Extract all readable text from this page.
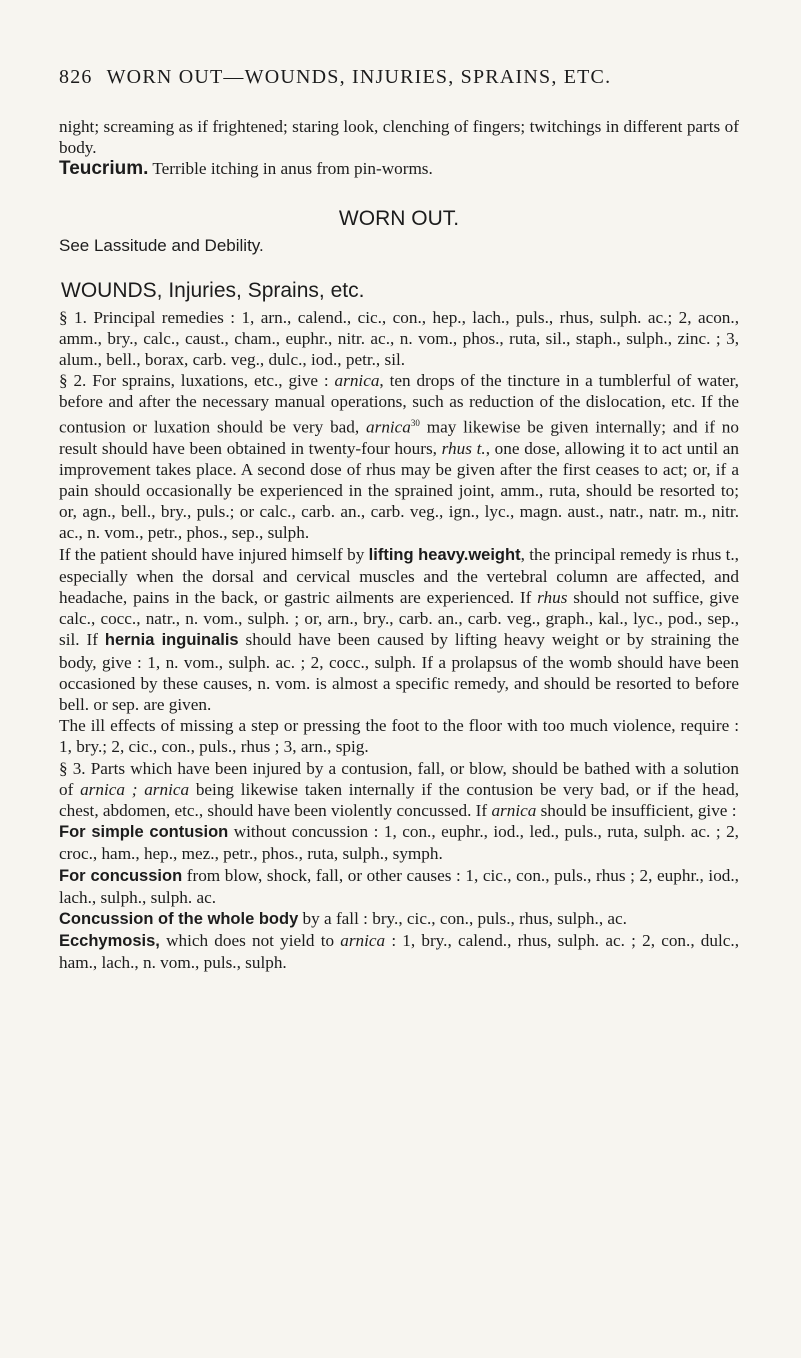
826 WORN OUT—WOUNDS, INJURIES, SPRAINS, ETC.

night; screaming as if frightened; staring look, clenching of fingers; twitchings in different parts of body.

Teucrium. Terrible itching in anus from pin-worms.

WORN OUT.
See Lassitude and Debility.
WOUNDS, Injuries, Sprains, etc.

§ 1. Principal remedies : 1, arn., calend., cic., con., hep., lach., puls., rhus, sulph. ac.; 2, acon., amm., bry., calc., caust., cham., euphr., nitr. ac., n. vom., phos., ruta, sil., staph., sulph., zinc. ; 3, alum., bell., borax, carb. veg., dulc., iod., petr., sil.

§ 2. For sprains, luxations, etc., give : arnica, ten drops of the tincture in a tumblerful of water, before and after the necessary manual operations, such as reduction of the dislocation, etc. If the contusion or luxation should be very bad, arnica$^{30}$ may likewise be given internally; and if no result should have been obtained in twenty-four hours, rhus t., one dose, allowing it to act until an improvement takes place. A second dose of rhus may be given after the first ceases to act; or, if a pain should occasionally be experienced in the sprained joint, amm., ruta, should be resorted to; or, agn., bell., bry., puls.; or calc., carb. an., carb. veg., ign., lyc., magn. aust., natr., natr. m., nitr. ac., n. vom., petr., phos., sep., sulph.

If the patient should have injured himself by lifting heavy.weight, the principal remedy is rhus t., especially when the dorsal and cervical muscles and the vertebral column are affected, and headache, pains in the back, or gastric ailments are experienced. If rhus should not suffice, give calc., cocc., natr., n. vom., sulph. ; or, arn., bry., carb. an., carb. veg., graph., kal., lyc., pod., sep., sil. If hernia inguinalis should have been caused by lifting heavy weight or by straining the body, give : 1, n. vom., sulph. ac. ; 2, cocc., sulph. If a prolapsus of the womb should have been occasioned by these causes, n. vom. is almost a specific remedy, and should be resorted to before bell. or sep. are given.

The ill effects of missing a step or pressing the foot to the floor with too much violence, require : 1, bry.; 2, cic., con., puls., rhus ; 3, arn., spig.

§ 3. Parts which have been injured by a contusion, fall, or blow, should be bathed with a solution of arnica ; arnica being likewise taken internally if the contusion be very bad, or if the head, chest, abdomen, etc., should have been violently concussed. If arnica should be insufficient, give :

For simple contusion without concussion : 1, con., euphr., iod., led., puls., ruta, sulph. ac. ; 2, croc., ham., hep., mez., petr., phos., ruta, sulph., symph.

For concussion from blow, shock, fall, or other causes : 1, cic., con., puls., rhus ; 2, euphr., iod., lach., sulph., sulph. ac.

Concussion of the whole body by a fall : bry., cic., con., puls., rhus, sulph., ac.

Ecchymosis, which does not yield to arnica : 1, bry., calend., rhus, sulph. ac. ; 2, con., dulc., ham., lach., n. vom., puls., sulph.
